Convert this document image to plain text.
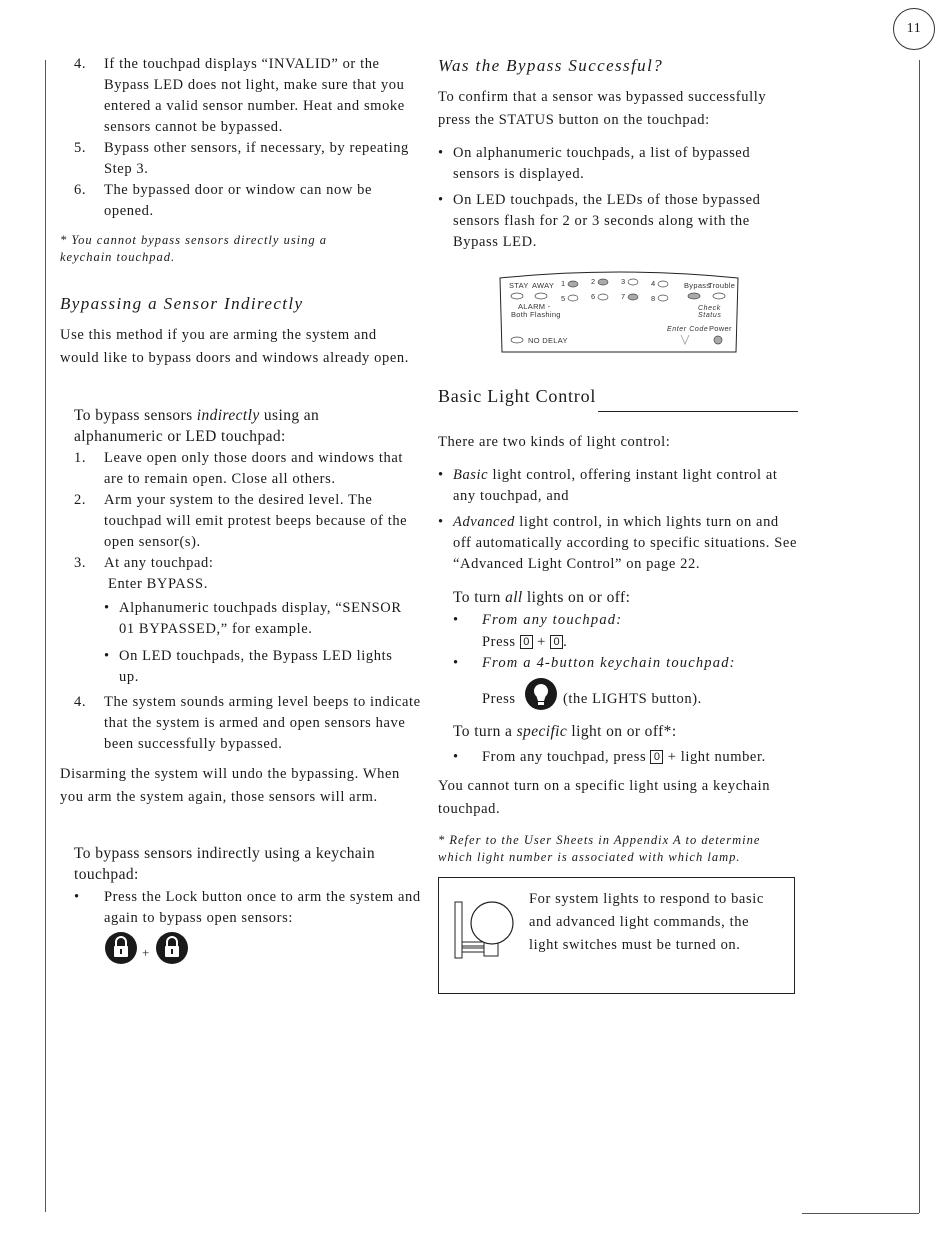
11
4. If the touchpad displays “INVALID” or the Bypass LED does not light, make sure that you entered a valid sensor number. Heat and smoke sensors cannot be bypassed.
5. Bypass other sensors, if necessary, by repeating Step 3.
6. The bypassed door or window can now be opened.
* You cannot bypass sensors directly using a keychain touchpad.
Bypassing a Sensor Indirectly
Use this method if you are arming the system and would like to bypass doors and windows already open.
To bypass sensors indirectly using an alphanumeric or LED touchpad:
1. Leave open only those doors and windows that are to remain open. Close all others.
2. Arm your system to the desired level. The touchpad will emit protest beeps because of the open sensor(s).
3. At any touchpad:
Enter BYPASS.
• Alphanumeric touchpads display, “SENSOR 01 BYPASSED,” for example.
• On LED touchpads, the Bypass LED lights up.
4. The system sounds arming level beeps to indicate that the system is armed and open sensors have been successfully bypassed.
Disarming the system will undo the bypassing. When you arm the system again, those sensors will arm.
To bypass sensors indirectly using a keychain touchpad:
• Press the Lock button once to arm the system and again to bypass open sensors:
+
Was the Bypass Successful?
To confirm that a sensor was bypassed successfully press the STATUS button on the touchpad:
• On alphanumeric touchpads, a list of bypassed sensors is displayed.
• On LED touchpads, the LEDs of those bypassed sensors flash for 2 or 3 seconds along with the Bypass LED.
STAY AWAY
ALARM -
Both Flashing
1	2	3	4
5	6	7	8
Bypass
Trouble
Check
Status
Enter Code Power
NO DELAY
Basic Light Control
There are two kinds of light control:
• Basic light control, offering instant light control at any touchpad, and
• Advanced light control, in which lights turn on and off automatically according to specific situations. See “Advanced Light Control” on page 22.
To turn all lights on or off:
• From any touchpad:
Press 0 + 0 .
• From a 4-button keychain touchpad:
Press	(the LIGHTS button).
To turn a specific light on or off*:
• From any touchpad, press 0 + light number.
You cannot turn on a specific light using a keychain touchpad.
* Refer to the User Sheets in Appendix A to determine which light number is associated with which lamp.
For system lights to respond to basic and advanced light commands, the light switches must be turned on.
